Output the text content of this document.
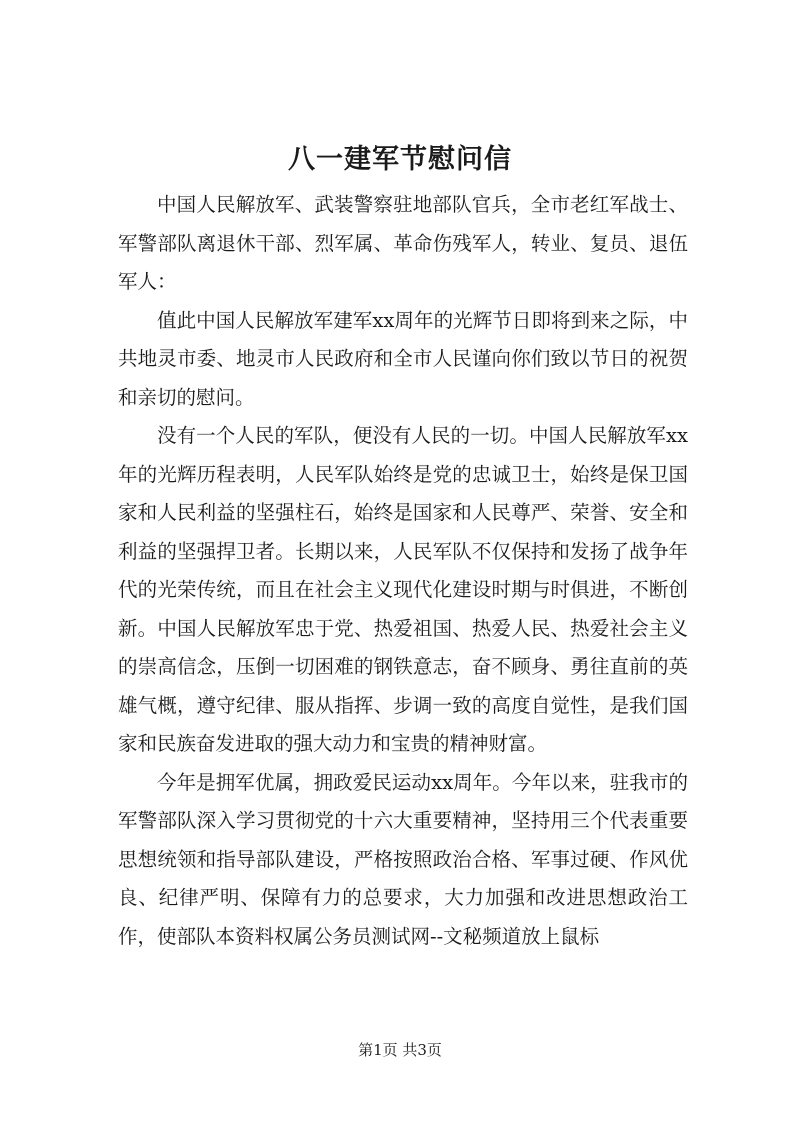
八一建军节慰问信

中国人民解放军、武装警察驻地部队官兵，全市老红军战士、军警部队离退休干部、烈军属、革命伤残军人，转业、复员、退伍军人：

值此中国人民解放军建军xx周年的光辉节日即将到来之际，中共地灵市委、地灵市人民政府和全市人民谨向你们致以节日的祝贺和亲切的慰问。

没有一个人民的军队，便没有人民的一切。中国人民解放军xx年的光辉历程表明，人民军队始终是党的忠诚卫士，始终是保卫国家和人民利益的坚强柱石，始终是国家和人民尊严、荣誉、安全和利益的坚强捍卫者。长期以来，人民军队不仅保持和发扬了战争年代的光荣传统，而且在社会主义现代化建设时期与时俱进，不断创新。中国人民解放军忠于党、热爱祖国、热爱人民、热爱社会主义的崇高信念，压倒一切困难的钢铁意志，奋不顾身、勇往直前的英雄气概，遵守纪律、服从指挥、步调一致的高度自觉性，是我们国家和民族奋发进取的强大动力和宝贵的精神财富。

今年是拥军优属，拥政爱民运动xx周年。今年以来，驻我市的军警部队深入学习贯彻党的十六大重要精神，坚持用三个代表重要思想统领和指导部队建设，严格按照政治合格、军事过硬、作风优良、纪律严明、保障有力的总要求，大力加强和改进思想政治工作，使部队本资料权属公务员测试网--文秘频道放上鼠标

第1页 共3页
